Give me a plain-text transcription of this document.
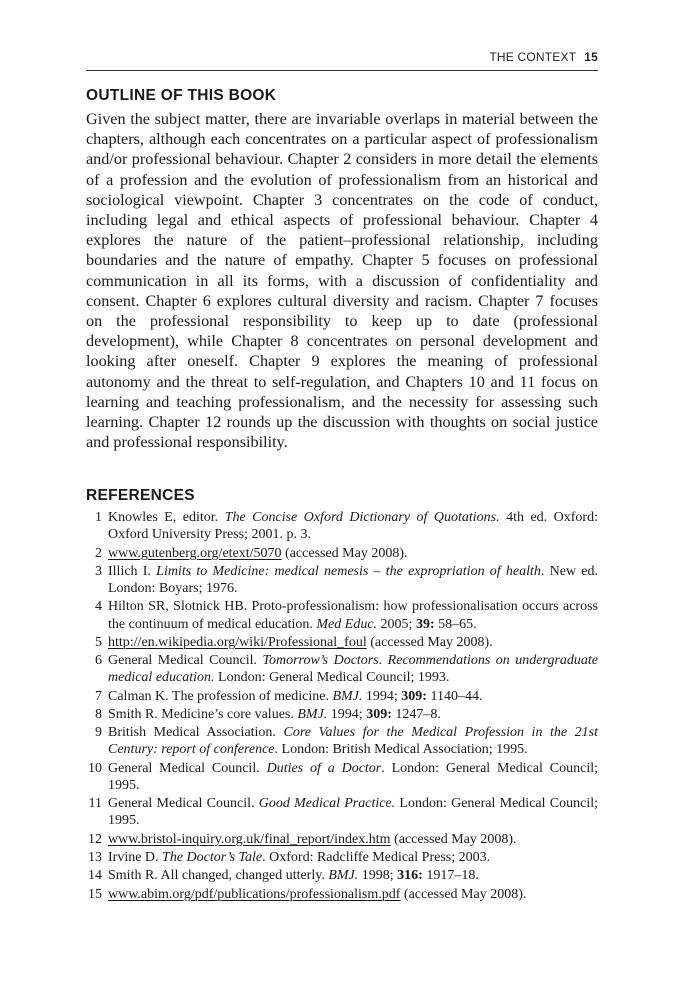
THE CONTEXT 15
OUTLINE OF THIS BOOK

Given the subject matter, there are invariable overlaps in material between the chapters, although each concentrates on a particular aspect of professionalism and/or professional behaviour. Chapter 2 considers in more detail the elements of a profession and the evolution of professionalism from an historical and sociological viewpoint. Chapter 3 concentrates on the code of conduct, including legal and ethical aspects of professional behaviour. Chapter 4 explores the nature of the patient–professional relationship, including boundaries and the nature of empathy. Chapter 5 focuses on professional communication in all its forms, with a discussion of confidentiality and consent. Chapter 6 explores cultural diversity and racism. Chapter 7 focuses on the professional responsibility to keep up to date (professional development), while Chapter 8 concentrates on personal development and looking after oneself. Chapter 9 explores the meaning of professional autonomy and the threat to self-regulation, and Chapters 10 and 11 focus on learning and teaching professionalism, and the necessity for assessing such learning. Chapter 12 rounds up the discussion with thoughts on social justice and professional responsibility.

REFERENCES
1 Knowles E, editor. The Concise Oxford Dictionary of Quotations. 4th ed. Oxford: Oxford University Press; 2001. p. 3.
2 www.gutenberg.org/etext/5070 (accessed May 2008).
3 Illich I. Limits to Medicine: medical nemesis – the expropriation of health. New ed. London: Boyars; 1976.
4 Hilton SR, Slotnick HB. Proto-professionalism: how professionalisation occurs across the continuum of medical education. Med Educ. 2005; 39: 58–65.
5 http://en.wikipedia.org/wiki/Professional_foul (accessed May 2008).
6 General Medical Council. Tomorrow’s Doctors. Recommendations on undergraduate medical education. London: General Medical Council; 1993.
7 Calman K. The profession of medicine. BMJ. 1994; 309: 1140–44.
8 Smith R. Medicine’s core values. BMJ. 1994; 309: 1247–8.
9 British Medical Association. Core Values for the Medical Profession in the 21st Century: report of conference. London: British Medical Association; 1995.
10 General Medical Council. Duties of a Doctor. London: General Medical Council; 1995.
11 General Medical Council. Good Medical Practice. London: General Medical Council; 1995.
12 www.bristol-inquiry.org.uk/final_report/index.htm (accessed May 2008).
13 Irvine D. The Doctor’s Tale. Oxford: Radcliffe Medical Press; 2003.
14 Smith R. All changed, changed utterly. BMJ. 1998; 316: 1917–18.
15 www.abim.org/pdf/publications/professionalism.pdf (accessed May 2008).
